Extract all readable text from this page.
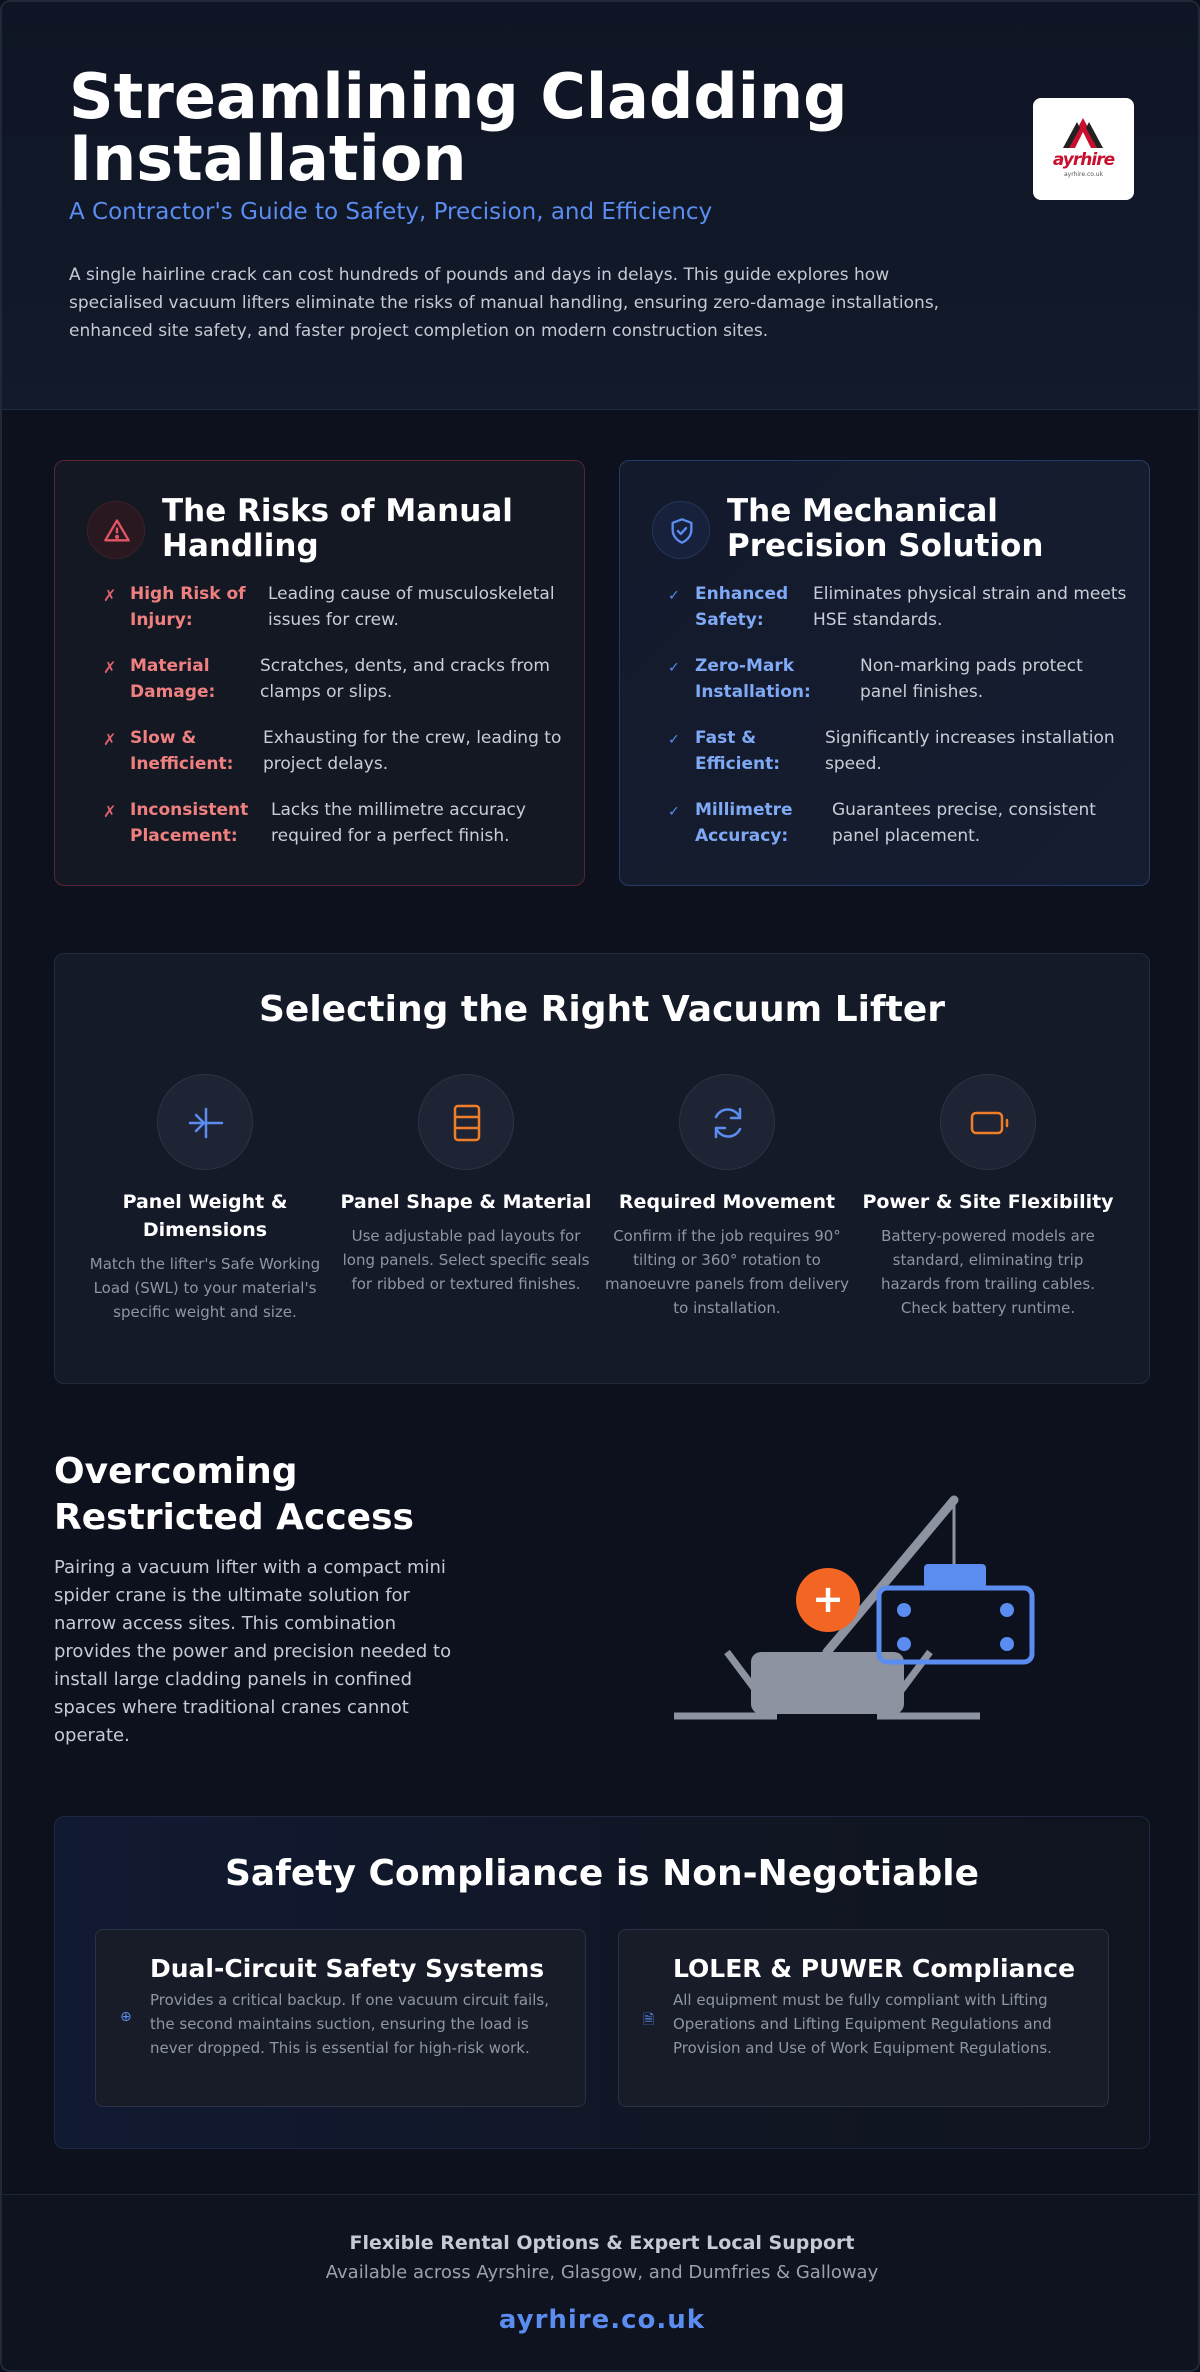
Streamlining Cladding Installation
A Contractor's Guide to Safety, Precision, and Efficiency

A single hairline crack can cost hundreds of pounds and days in delays. This guide explores how specialised vacuum lifters eliminate the risks of manual handling, ensuring zero-damage installations, enhanced site safety, and faster project completion on modern construction sites.

ayrhire
ayrhire.co.uk
The Risks of Manual Handling
✗ High Risk of Injury:
Leading cause of musculoskeletal issues for crew.
✗ Material Damage:
Scratches, dents, and cracks from clamps or slips.
✗ Slow & Inefficient:
Exhausting for the crew, leading to project delays.
✗ Inconsistent Placement:
Lacks the millimetre accuracy required for a perfect finish.
The Mechanical Precision Solution
✓ Enhanced Safety:
Eliminates physical strain and meets HSE standards.
✓ Zero-Mark Installation:
Non-marking pads protect panel finishes.
✓ Fast & Efficient:
Significantly increases installation speed.
✓ Millimetre Accuracy:
Guarantees precise, consistent panel placement.
Selecting the Right Vacuum Lifter
Panel Weight & Dimensions
Match the lifter's Safe Working Load (SWL) to your material's specific weight and size.
Panel Shape & Material
Use adjustable pad layouts for long panels. Select specific seals for ribbed or textured finishes.
Required Movement
Confirm if the job requires 90° tilting or 360° rotation to manoeuvre panels from delivery to installation.
Power & Site Flexibility
Battery-powered models are standard, eliminating trip hazards from trailing cables. Check battery runtime.
Overcoming Restricted Access

Pairing a vacuum lifter with a compact mini spider crane is the ultimate solution for narrow access sites. This combination provides the power and precision needed to install large cladding panels in confined spaces where traditional cranes cannot operate.

+
Safety Compliance is Non-Negotiable
⊕
Dual-Circuit Safety Systems
Provides a critical backup. If one vacuum circuit fails, the second maintains suction, ensuring the load is never dropped. This is essential for high-risk work.
🗎
LOLER & PUWER Compliance
All equipment must be fully compliant with Lifting Operations and Lifting Equipment Regulations and Provision and Use of Work Equipment Regulations.
Flexible Rental Options & Expert Local Support
Available across Ayrshire, Glasgow, and Dumfries & Galloway
ayrhire.co.uk
